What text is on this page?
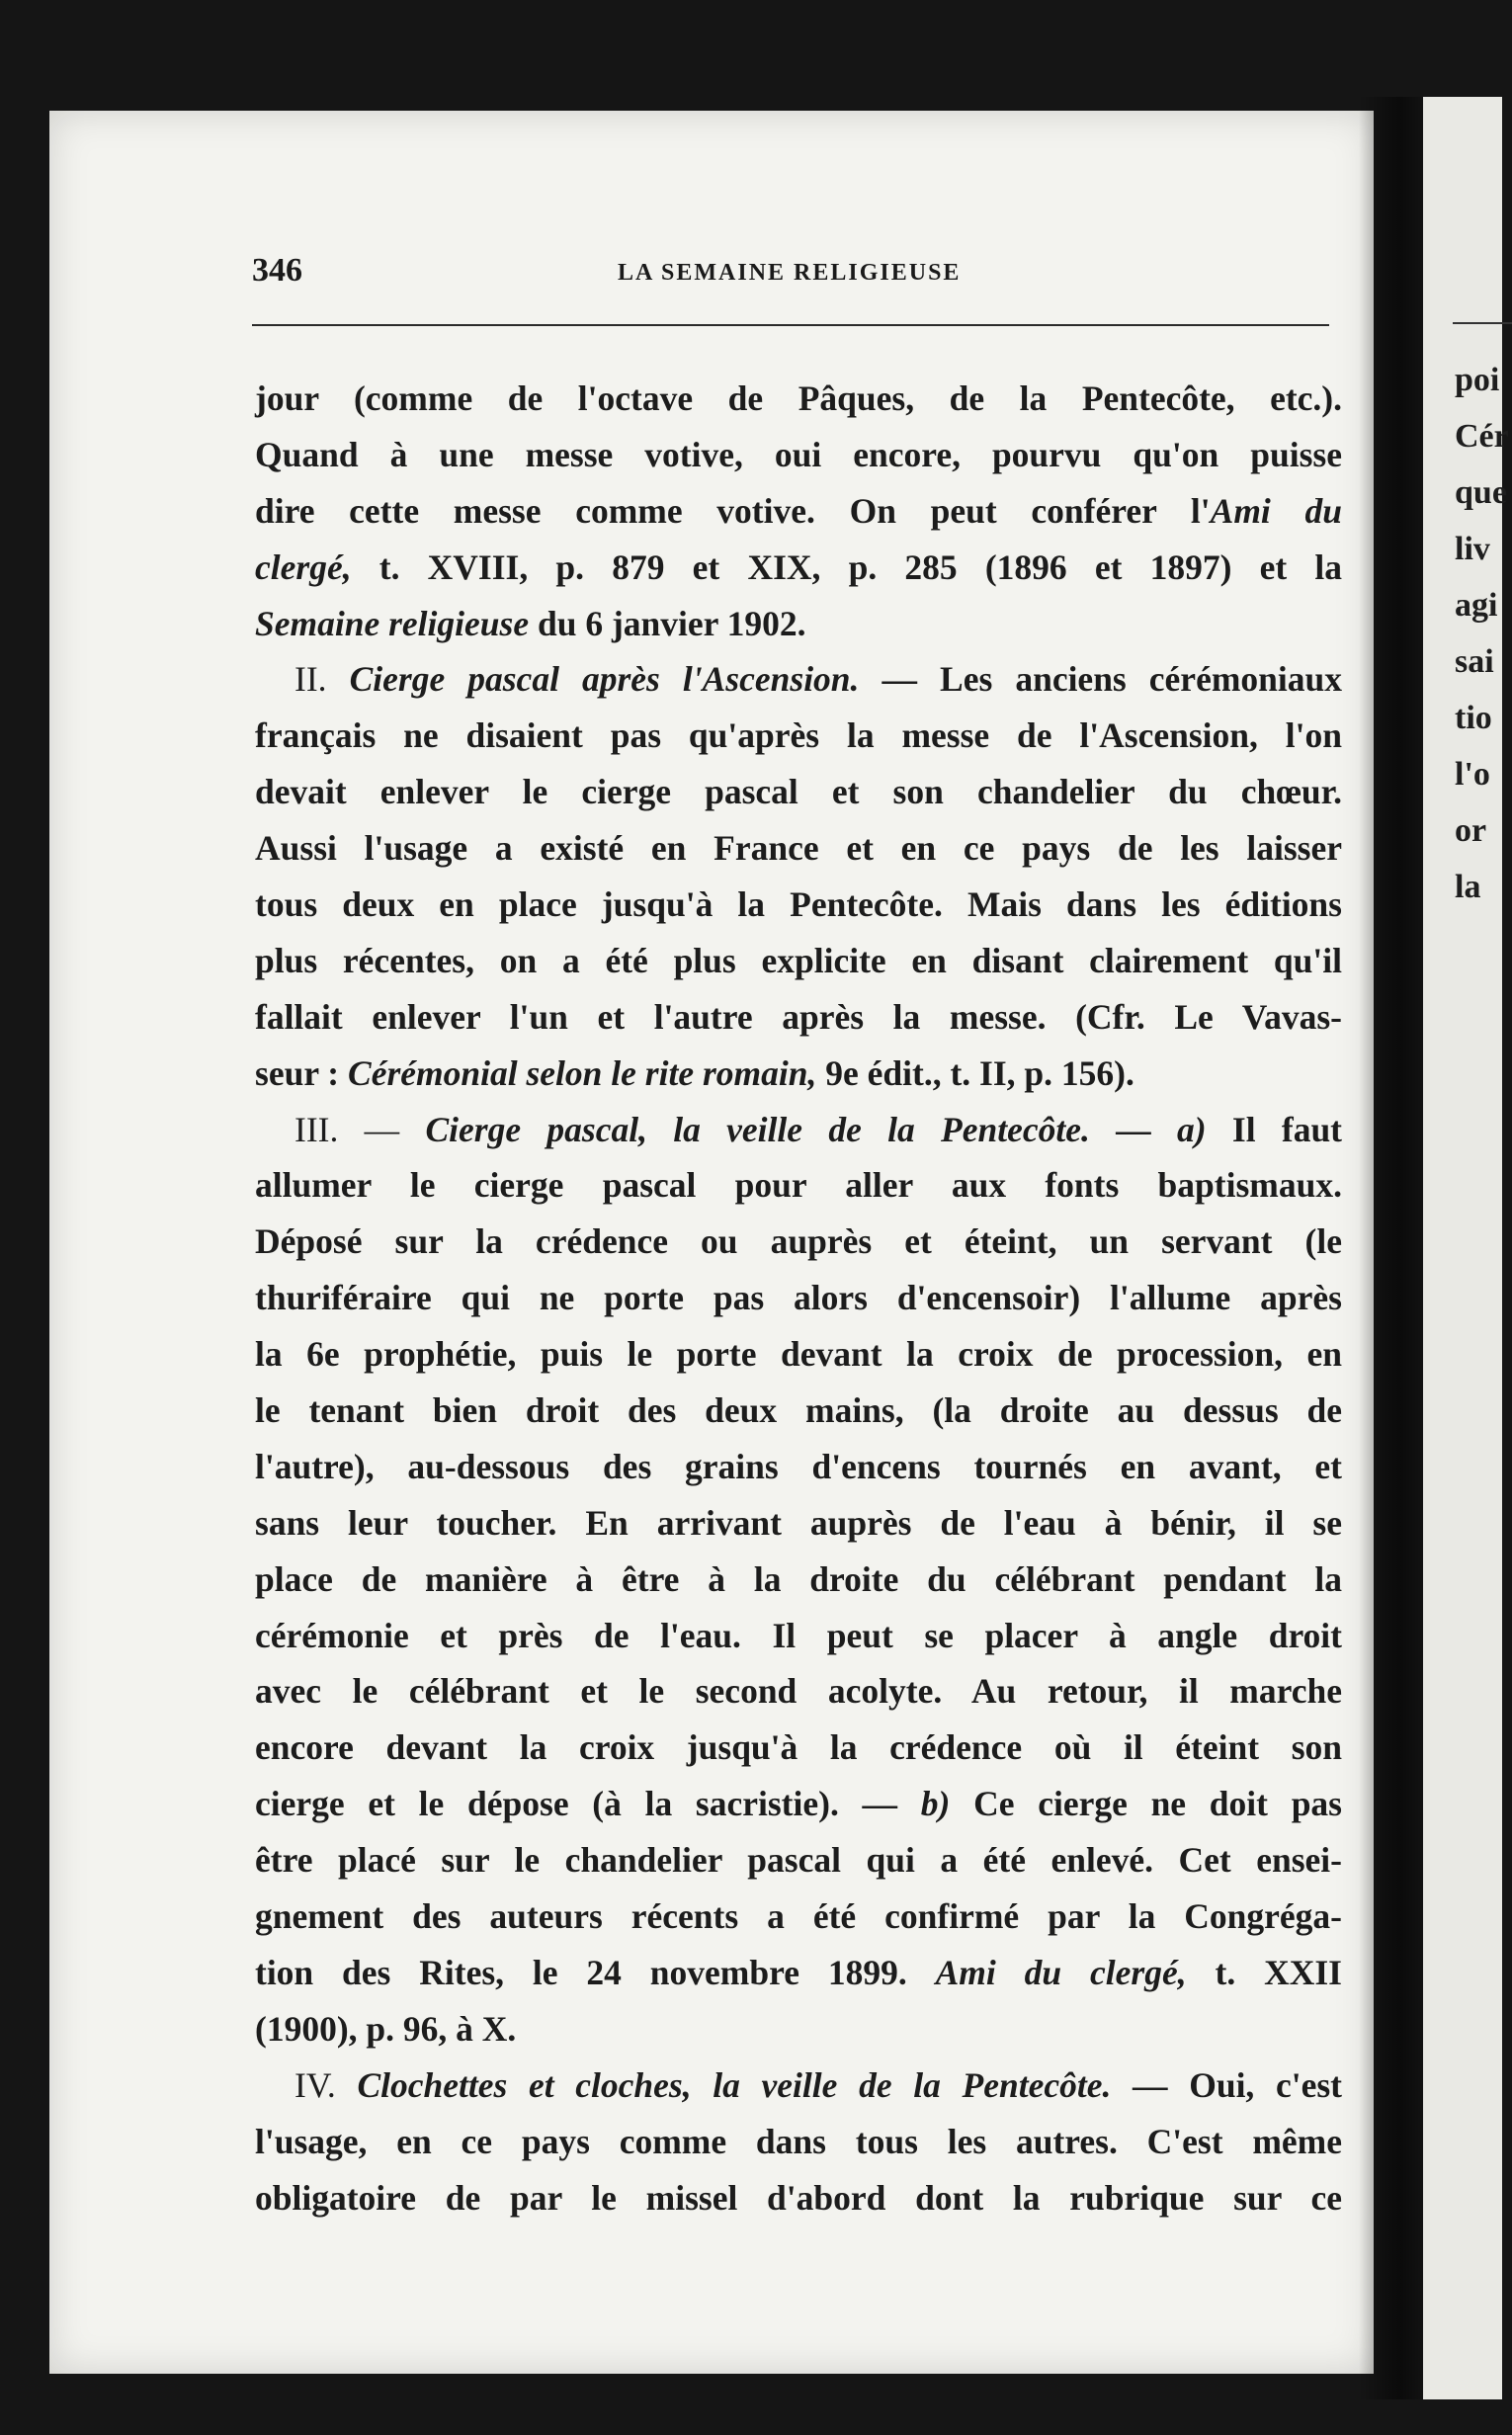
346	LA SEMAINE RELIGIEUSE
jour (comme de l'octave de Pâques, de la Pentecôte, etc.).
Quand à une messe votive, oui encore, pourvu qu'on puisse
dire cette messe comme votive. On peut conférer l'Ami du
clergé, t. XVIII, p. 879 et XIX, p. 285 (1896 et 1897) et la
Semaine religieuse du 6 janvier 1902.
II. Cierge pascal après l'Ascension. — Les anciens cérémoniaux
français ne disaient pas qu'après la messe de l'Ascension, l'on
devait enlever le cierge pascal et son chandelier du chœur.
Aussi l'usage a existé en France et en ce pays de les laisser
tous deux en place jusqu'à la Pentecôte. Mais dans les éditions
plus récentes, on a été plus explicite en disant clairement qu'il
fallait enlever l'un et l'autre après la messe. (Cfr. Le Vavas-
seur : Cérémonial selon le rite romain, 9e édit., t. II, p. 156).
III. — Cierge pascal, la veille de la Pentecôte. — a) Il faut
allumer le cierge pascal pour aller aux fonts baptismaux.
Déposé sur la crédence ou auprès et éteint, un servant (le
thuriféraire qui ne porte pas alors d'encensoir) l'allume après
la 6e prophétie, puis le porte devant la croix de procession, en
le tenant bien droit des deux mains, (la droite au dessus de
l'autre), au-dessous des grains d'encens tournés en avant, et
sans leur toucher. En arrivant auprès de l'eau à bénir, il se
place de manière à être à la droite du célébrant pendant la
cérémonie et près de l'eau. Il peut se placer à angle droit
avec le célébrant et le second acolyte. Au retour, il marche
encore devant la croix jusqu'à la crédence où il éteint son
cierge et le dépose (à la sacristie). — b) Ce cierge ne doit pas
être placé sur le chandelier pascal qui a été enlevé. Cet ensei-
gnement des auteurs récents a été confirmé par la Congréga-
tion des Rites, le 24 novembre 1899. Ami du clergé, t. XXII
(1900), p. 96, à X.
IV. Clochettes et cloches, la veille de la Pentecôte. — Oui, c'est
l'usage, en ce pays comme dans tous les autres. C'est même
obligatoire de par le missel d'abord dont la rubrique sur ce
poi
Cér
que
liv
agi
sai
tio
l'o
or
la
